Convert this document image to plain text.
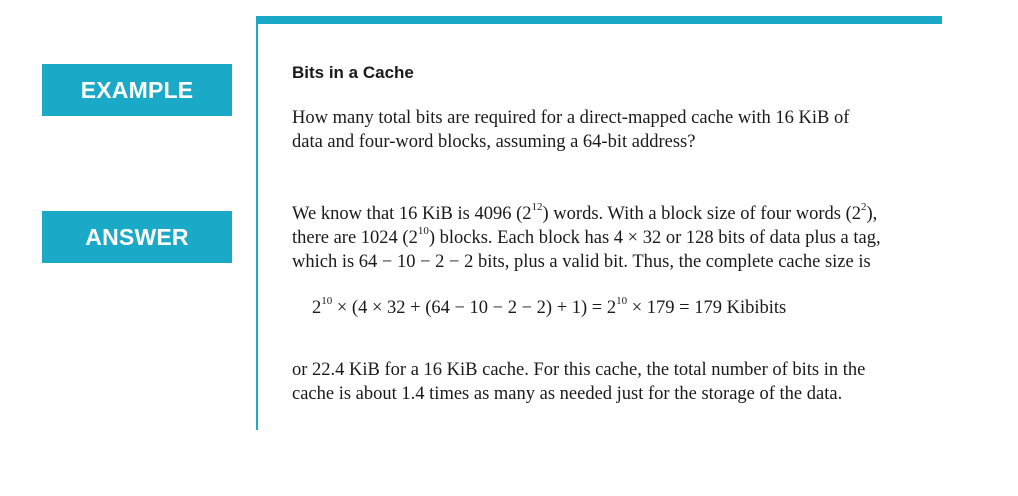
EXAMPLE
ANSWER
Bits in a Cache
How many total bits are required for a direct-mapped cache with 16 KiB of
data and four-word blocks, assuming a 64-bit address?
We know that 16 KiB is 4096 $(2^{12})$ words. With a block size of four words $(2^2)$,
there are 1024 $(2^{10})$ blocks. Each block has 4 × 32 or 128 bits of data plus a tag,
which is 64 − 10 − 2 − 2 bits, plus a valid bit. Thus, the complete cache size is
$2^{10} \times (4 \times 32 + (64 - 10 - 2 - 2) + 1) = 2^{10} \times 179 = 179$ Kibibits
or 22.4 KiB for a 16 KiB cache. For this cache, the total number of bits in the
cache is about 1.4 times as many as needed just for the storage of the data.
